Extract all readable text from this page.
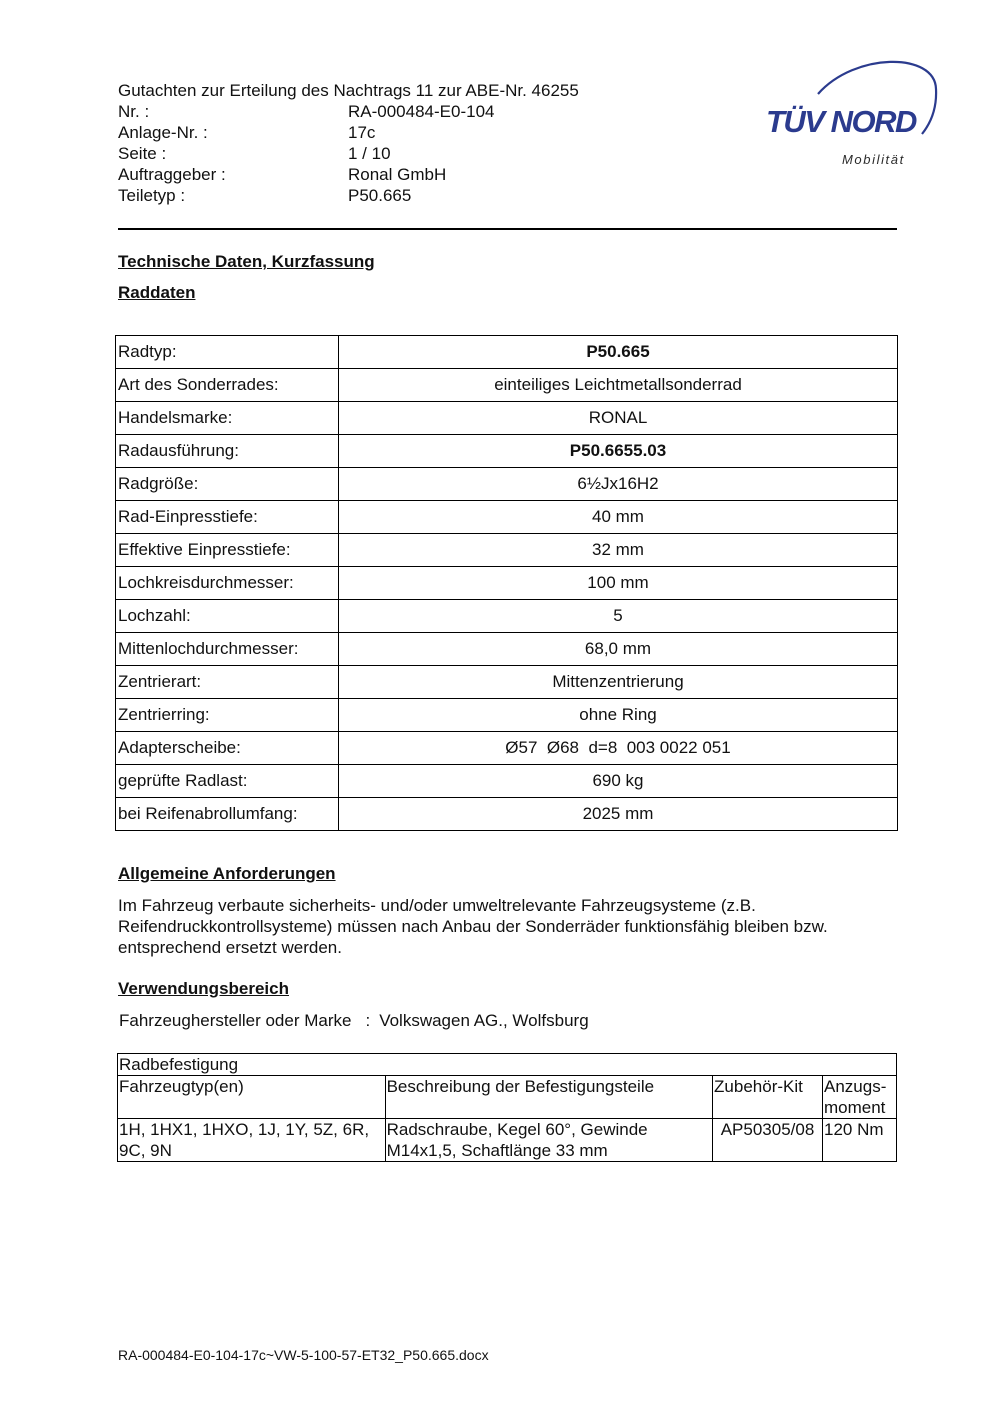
Gutachten zur Erteilung des Nachtrags 11 zur ABE-Nr. 46255
Nr. :	RA-000484-E0-104
Anlage-Nr. :	17c
Seite :	1 / 10
Auftraggeber :	Ronal GmbH
Teiletyp :	P50.665
TÜV NORD
Mobilität
Technische Daten, Kurzfassung
Raddaten
Radtyp:	P50.665
Art des Sonderrades:	einteiliges Leichtmetallsonderrad
Handelsmarke:	RONAL
Radausführung:	P50.6655.03
Radgröße:	6½Jx16H2
Rad-Einpresstiefe:	40 mm
Effektive Einpresstiefe:	32 mm
Lochkreisdurchmesser:	100 mm
Lochzahl:	5
Mittenlochdurchmesser:	68,0 mm
Zentrierart:	Mittenzentrierung
Zentrierring:	ohne Ring
Adapterscheibe:	Ø57  Ø68  d=8  003 0022 051
geprüfte Radlast:	690 kg
bei Reifenabrollumfang:	2025 mm
Allgemeine Anforderungen
Im Fahrzeug verbaute sicherheits- und/oder umweltrelevante Fahrzeugsysteme (z.B. Reifendruckkontrollsysteme) müssen nach Anbau der Sonderräder funktionsfähig bleiben bzw. entsprechend ersetzt werden.
Verwendungsbereich
Fahrzeughersteller oder Marke : Volkswagen AG., Wolfsburg
Radbefestigung			
Fahrzeugtyp(en)	Beschreibung der Befestigungsteile	Zubehör-Kit	Anzugs-moment
1H, 1HX1, 1HXO, 1J, 1Y, 5Z, 6R, 9C, 9N	Radschraube, Kegel 60°, Gewinde M14x1,5, Schaftlänge 33 mm	AP50305/08	120 Nm
RA-000484-E0-104-17c~VW-5-100-57-ET32_P50.665.docx
